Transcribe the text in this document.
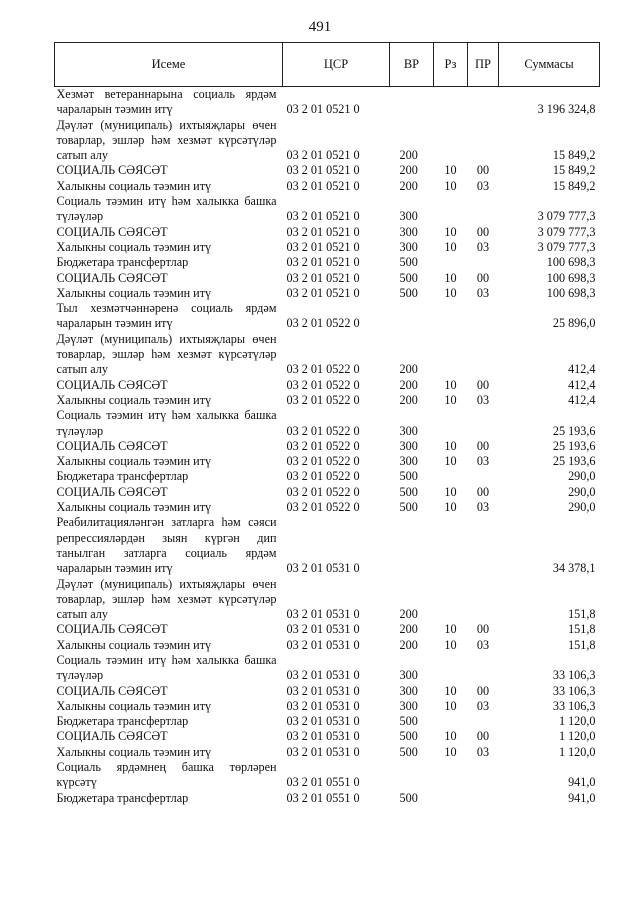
491
Исеме	ЦСР	ВР	Рз	ПР	Суммасы
Хезмәт ветераннарына социаль ярдәм чараларын тәэмин итү	03 2 01 0521 0				3 196 324,8
Дәүләт (муниципаль) ихтыяҗлары өчен товарлар, эшләр һәм хезмәт күрсәтүләр сатып алу	03 2 01 0521 0	200			15 849,2
СОЦИАЛЬ СӘЯСӘТ	03 2 01 0521 0	200	10	00	15 849,2
Халыкны социаль тәэмин итү	03 2 01 0521 0	200	10	03	15 849,2
Социаль тәэмин итү һәм халыкка башка түләүләр	03 2 01 0521 0	300			3 079 777,3
СОЦИАЛЬ СӘЯСӘТ	03 2 01 0521 0	300	10	00	3 079 777,3
Халыкны социаль тәэмин итү	03 2 01 0521 0	300	10	03	3 079 777,3
Бюджетара трансфертлар	03 2 01 0521 0	500			100 698,3
СОЦИАЛЬ СӘЯСӘТ	03 2 01 0521 0	500	10	00	100 698,3
Халыкны социаль тәэмин итү	03 2 01 0521 0	500	10	03	100 698,3
Тыл хезмәтчәннәренә социаль ярдәм чараларын тәэмин итү	03 2 01 0522 0				25 896,0
Дәүләт (муниципаль) ихтыяҗлары өчен товарлар, эшләр һәм хезмәт күрсәтүләр сатып алу	03 2 01 0522 0	200			412,4
СОЦИАЛЬ СӘЯСӘТ	03 2 01 0522 0	200	10	00	412,4
Халыкны социаль тәэмин итү	03 2 01 0522 0	200	10	03	412,4
Социаль тәэмин итү һәм халыкка башка түләүләр	03 2 01 0522 0	300			25 193,6
СОЦИАЛЬ СӘЯСӘТ	03 2 01 0522 0	300	10	00	25 193,6
Халыкны социаль тәэмин итү	03 2 01 0522 0	300	10	03	25 193,6
Бюджетара трансфертлар	03 2 01 0522 0	500			290,0
СОЦИАЛЬ СӘЯСӘТ	03 2 01 0522 0	500	10	00	290,0
Халыкны социаль тәэмин итү	03 2 01 0522 0	500	10	03	290,0
Реабилитацияләнгән затларга һәм сәяси репрессияләрдән зыян күргән дип танылган затларга социаль ярдәм чараларын тәэмин итү	03 2 01 0531 0				34 378,1
Дәүләт (муниципаль) ихтыяҗлары өчен товарлар, эшләр һәм хезмәт күрсәтүләр сатып алу	03 2 01 0531 0	200			151,8
СОЦИАЛЬ СӘЯСӘТ	03 2 01 0531 0	200	10	00	151,8
Халыкны социаль тәэмин итү	03 2 01 0531 0	200	10	03	151,8
Социаль тәэмин итү һәм халыкка башка түләүләр	03 2 01 0531 0	300			33 106,3
СОЦИАЛЬ СӘЯСӘТ	03 2 01 0531 0	300	10	00	33 106,3
Халыкны социаль тәэмин итү	03 2 01 0531 0	300	10	03	33 106,3
Бюджетара трансфертлар	03 2 01 0531 0	500			1 120,0
СОЦИАЛЬ СӘЯСӘТ	03 2 01 0531 0	500	10	00	1 120,0
Халыкны социаль тәэмин итү	03 2 01 0531 0	500	10	03	1 120,0
Социаль ярдәмнең башка төрләрен күрсәтү	03 2 01 0551 0				941,0
Бюджетара трансфертлар	03 2 01 0551 0	500			941,0
